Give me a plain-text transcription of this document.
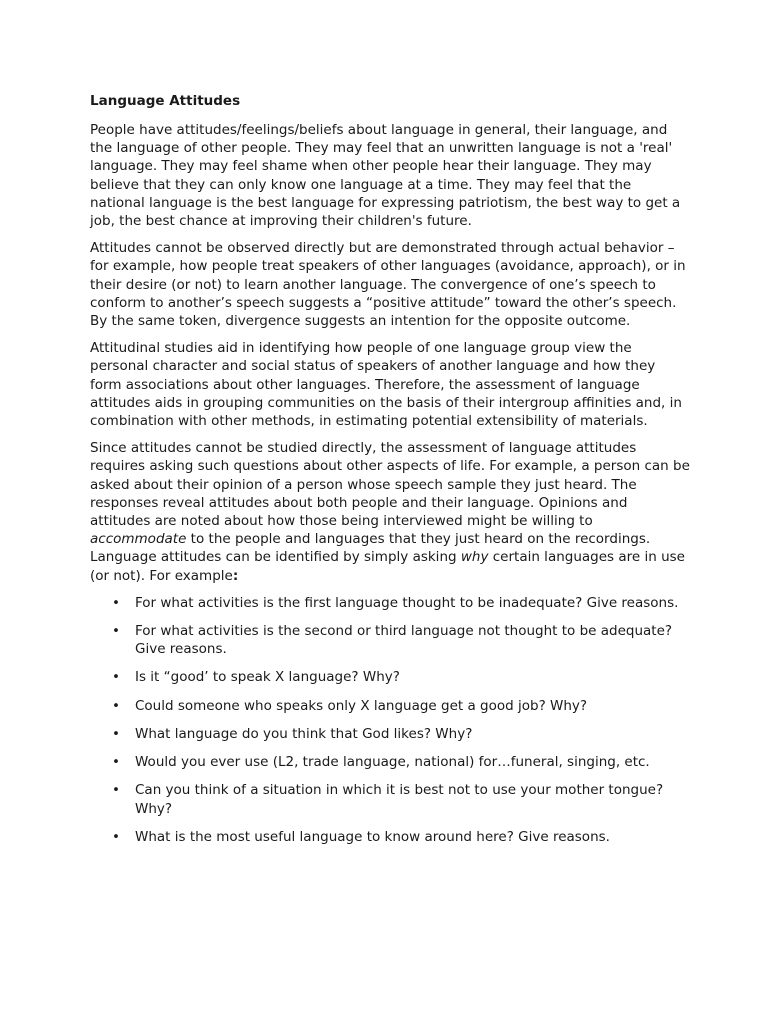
Language Attitudes

People have attitudes/feelings/beliefs about language in general, their language, and the language of other people. They may feel that an unwritten language is not a 'real' language. They may feel shame when other people hear their language. They may believe that they can only know one language at a time. They may feel that the national language is the best language for expressing patriotism, the best way to get a job, the best chance at improving their children's future.

Attitudes cannot be observed directly but are demonstrated through actual behavior – for example, how people treat speakers of other languages (avoidance, approach), or in their desire (or not) to learn another language. The convergence of one’s speech to conform to another’s speech suggests a “positive attitude” toward the other’s speech. By the same token, divergence suggests an intention for the opposite outcome.

Attitudinal studies aid in identifying how people of one language group view the personal character and social status of speakers of another language and how they form associations about other languages. Therefore, the assessment of language attitudes aids in grouping communities on the basis of their intergroup affinities and, in combination with other methods, in estimating potential extensibility of materials.

Since attitudes cannot be studied directly, the assessment of language attitudes requires asking such questions about other aspects of life. For example, a person can be asked about their opinion of a person whose speech sample they just heard. The responses reveal attitudes about both people and their language. Opinions and attitudes are noted about how those being interviewed might be willing to accommodate to the people and languages that they just heard on the recordings. Language attitudes can be identified by simply asking why certain languages are in use (or not). For example:

• For what activities is the first language thought to be inadequate? Give reasons.
• For what activities is the second or third language not thought to be adequate? Give reasons.
• Is it “good’ to speak X language? Why?
• Could someone who speaks only X language get a good job? Why?
• What language do you think that God likes? Why?
• Would you ever use (L2, trade language, national) for…funeral, singing, etc.
• Can you think of a situation in which it is best not to use your mother tongue? Why?
• What is the most useful language to know around here? Give reasons.
